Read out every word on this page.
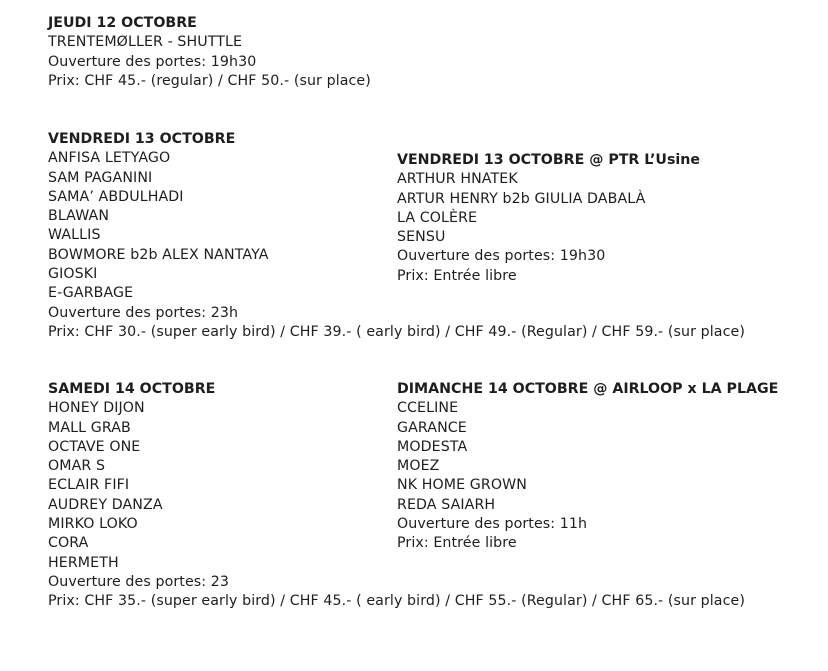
JEUDI 12 OCTOBRE
TRENTEMØLLER - SHUTTLE
Ouverture des portes: 19h30
Prix: CHF 45.- (regular) / CHF 50.- (sur place)
VENDREDI 13 OCTOBRE
ANFISA LETYAGO
SAM PAGANINI
SAMA’ ABDULHADI
BLAWAN
WALLIS
BOWMORE b2b ALEX NANTAYA
GIOSKI
E-GARBAGE
Ouverture des portes: 23h
Prix: CHF 30.- (super early bird) / CHF 39.- ( early bird) / CHF 49.- (Regular) / CHF 59.- (sur place)
VENDREDI 13 OCTOBRE @ PTR L’Usine
ARTHUR HNATEK
ARTUR HENRY b2b GIULIA DABALÀ
LA COLÈRE
SENSU
Ouverture des portes: 19h30
Prix: Entrée libre
SAMEDI 14 OCTOBRE
HONEY DIJON
MALL GRAB
OCTAVE ONE
OMAR S
ECLAIR FIFI
AUDREY DANZA
MIRKO LOKO
CORA
HERMETH
Ouverture des portes: 23
Prix: CHF 35.- (super early bird) / CHF 45.- ( early bird) / CHF 55.- (Regular) / CHF 65.- (sur place)
DIMANCHE 14 OCTOBRE @ AIRLOOP x LA PLAGE
CCELINE
GARANCE
MODESTA
MOEZ
NK HOME GROWN
REDA SAIARH
Ouverture des portes: 11h
Prix: Entrée libre
